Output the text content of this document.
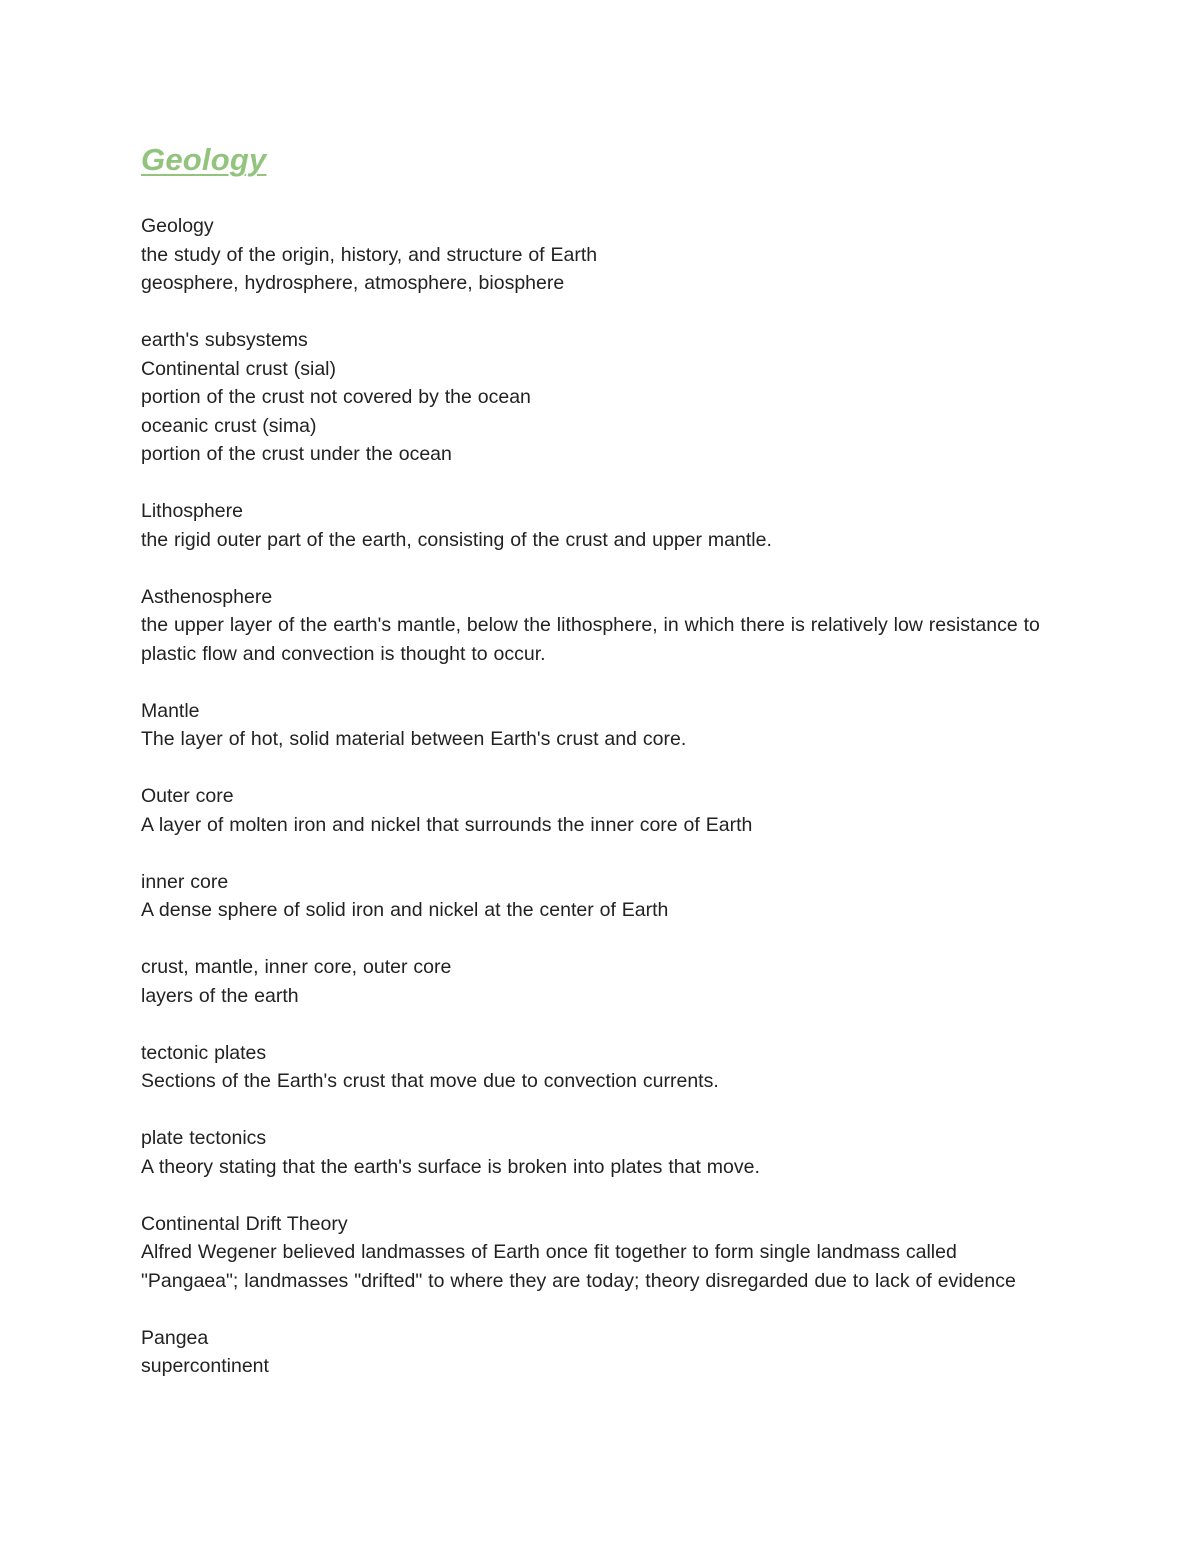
Geology

Geology

the study of the origin, history, and structure of Earth

geosphere, hydrosphere, atmosphere, biosphere

earth's subsystems

Continental crust (sial)

portion of the crust not covered by the ocean

oceanic crust (sima)

portion of the crust under the ocean

Lithosphere

the rigid outer part of the earth, consisting of the crust and upper mantle.

Asthenosphere

the upper layer of the earth's mantle, below the lithosphere, in which there is relatively low resistance to plastic flow and convection is thought to occur.

Mantle

The layer of hot, solid material between Earth's crust and core.

Outer core

A layer of molten iron and nickel that surrounds the inner core of Earth

inner core

A dense sphere of solid iron and nickel at the center of Earth

crust, mantle, inner core, outer core

layers of the earth

tectonic plates

Sections of the Earth's crust that move due to convection currents.

plate tectonics

A theory stating that the earth's surface is broken into plates that move.

Continental Drift Theory

Alfred Wegener believed landmasses of Earth once fit together to form single landmass called "Pangaea"; landmasses "drifted" to where they are today; theory disregarded due to lack of evidence

Pangea

supercontinent
